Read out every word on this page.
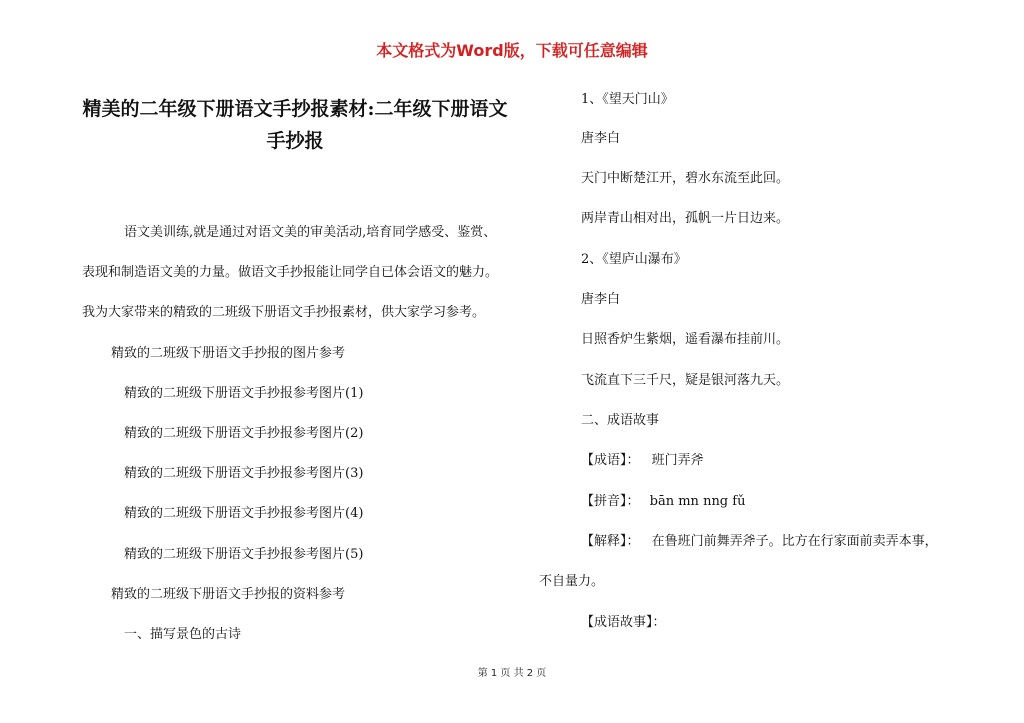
本文格式为Word版，下载可任意编辑
精美的二年级下册语文手抄报素材:二年级下册语文
手抄报
语文美训练,就是通过对语文美的审美活动,培育同学感受、鉴赏、
表现和制造语文美的力量。做语文手抄报能让同学自已体会语文的魅力。
我为大家带来的精致的二班级下册语文手抄报素材，供大家学习参考。
精致的二班级下册语文手抄报的图片参考
精致的二班级下册语文手抄报参考图片(1)
精致的二班级下册语文手抄报参考图片(2)
精致的二班级下册语文手抄报参考图片(3)
精致的二班级下册语文手抄报参考图片(4)
精致的二班级下册语文手抄报参考图片(5)
精致的二班级下册语文手抄报的资料参考
一、描写景色的古诗
1、《望天门山》
唐李白
天门中断楚江开，碧水东流至此回。
两岸青山相对出，孤帆一片日边来。
2、《望庐山瀑布》
唐李白
日照香炉生紫烟，遥看瀑布挂前川。
飞流直下三千尺，疑是银河落九天。
二、成语故事
【成语】： 班门弄斧
【拼音】： bān mn nng fǔ
【解释】： 在鲁班门前舞弄斧子。比方在行家面前卖弄本事，
不自量力。
【成语故事】：
第 1 页 共 2 页
